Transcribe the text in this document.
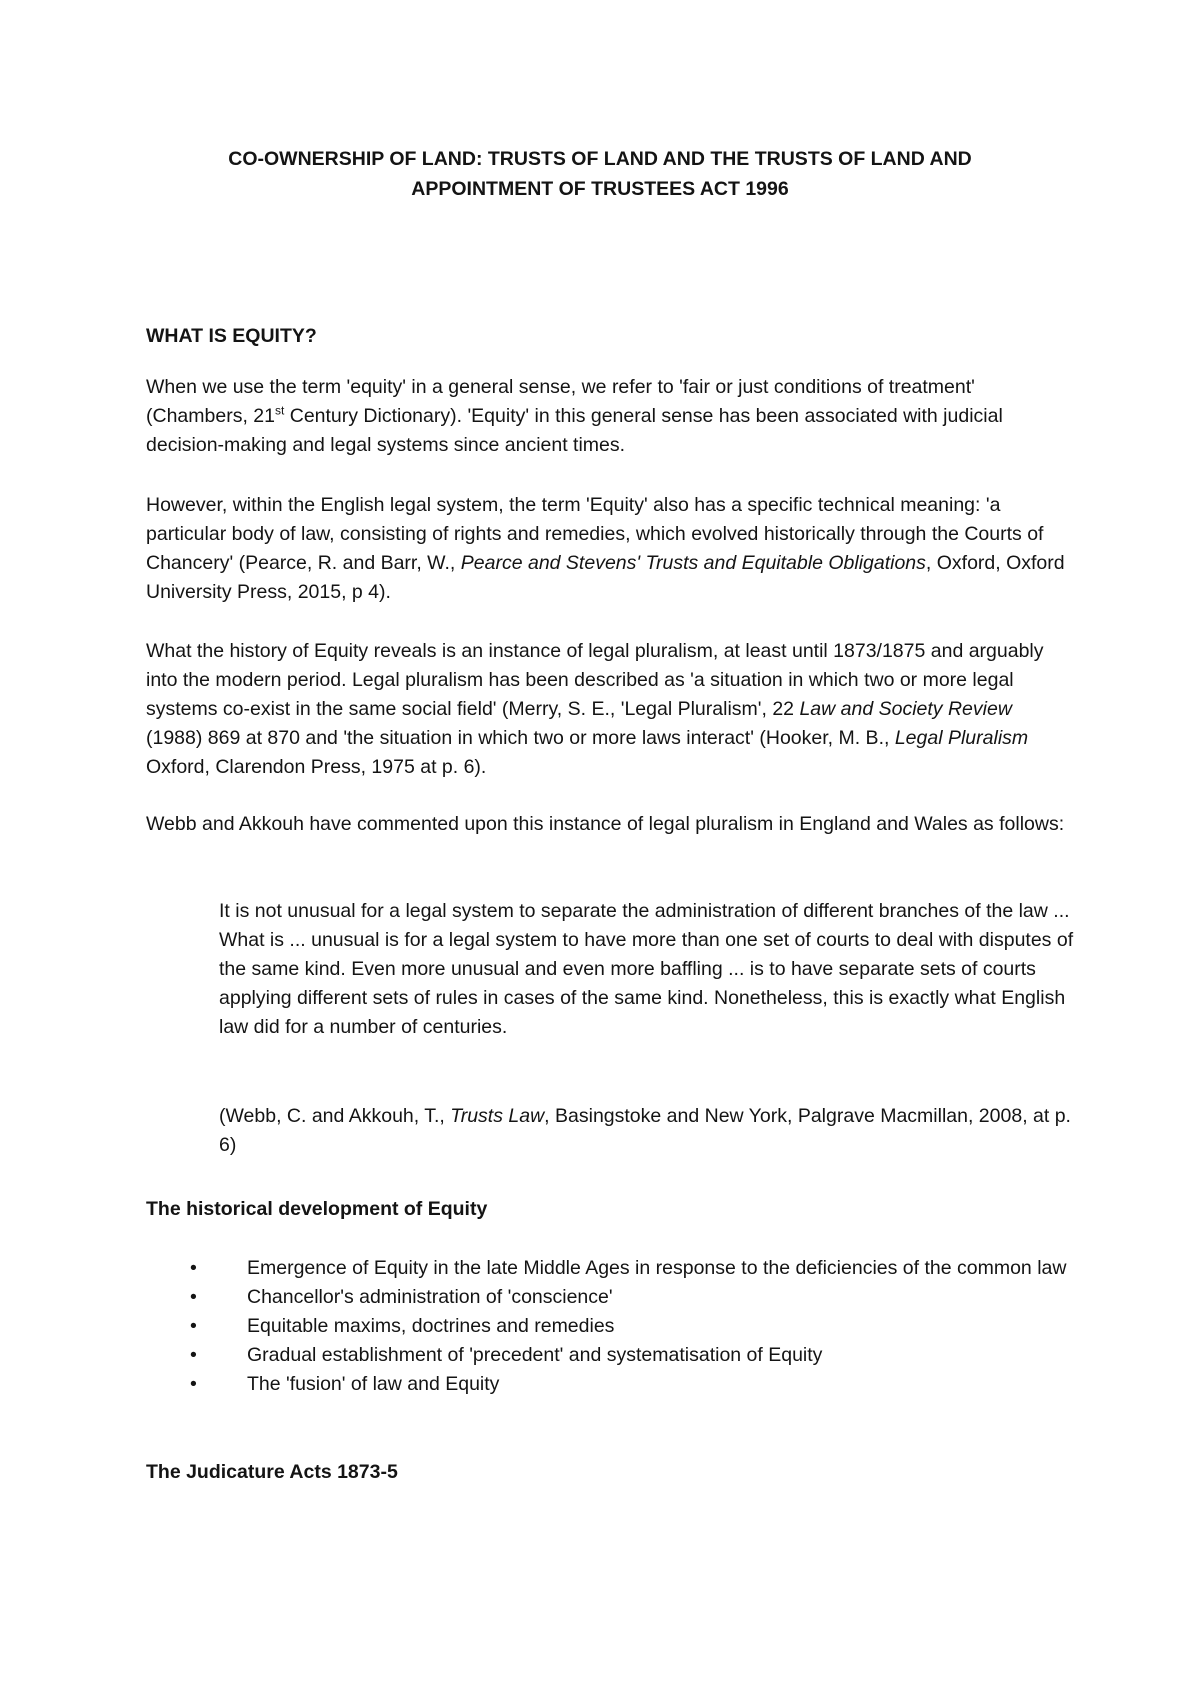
CO-OWNERSHIP OF LAND: TRUSTS OF LAND AND THE TRUSTS OF LAND AND
APPOINTMENT OF TRUSTEES ACT 1996

WHAT IS EQUITY?

When we use the term 'equity' in a general sense, we refer to 'fair or just conditions of treatment' (Chambers, 21st Century Dictionary). 'Equity' in this general sense has been associated with judicial decision-making and legal systems since ancient times.

However, within the English legal system, the term 'Equity' also has a specific technical meaning: 'a particular body of law, consisting of rights and remedies, which evolved historically through the Courts of Chancery' (Pearce, R. and Barr, W., Pearce and Stevens' Trusts and Equitable Obligations, Oxford, Oxford University Press, 2015, p 4).

What the history of Equity reveals is an instance of legal pluralism, at least until 1873/1875 and arguably into the modern period. Legal pluralism has been described as 'a situation in which two or more legal systems co-exist in the same social field' (Merry, S. E., 'Legal Pluralism', 22 Law and Society Review (1988) 869 at 870 and 'the situation in which two or more laws interact' (Hooker, M. B., Legal Pluralism Oxford, Clarendon Press, 1975 at p. 6).

Webb and Akkouh have commented upon this instance of legal pluralism in England and Wales as follows:

It is not unusual for a legal system to separate the administration of different branches of the law ... What is ... unusual is for a legal system to have more than one set of courts to deal with disputes of the same kind. Even more unusual and even more baffling ... is to have separate sets of courts applying different sets of rules in cases of the same kind. Nonetheless, this is exactly what English law did for a number of centuries.

(Webb, C. and Akkouh, T., Trusts Law, Basingstoke and New York, Palgrave Macmillan, 2008, at p. 6)

The historical development of Equity

•	Emergence of Equity in the late Middle Ages in response to the deficiencies of the common law
•	Chancellor's administration of 'conscience'
•	Equitable maxims, doctrines and remedies
•	Gradual establishment of 'precedent' and systematisation of Equity
•	The 'fusion' of law and Equity

The Judicature Acts 1873-5
